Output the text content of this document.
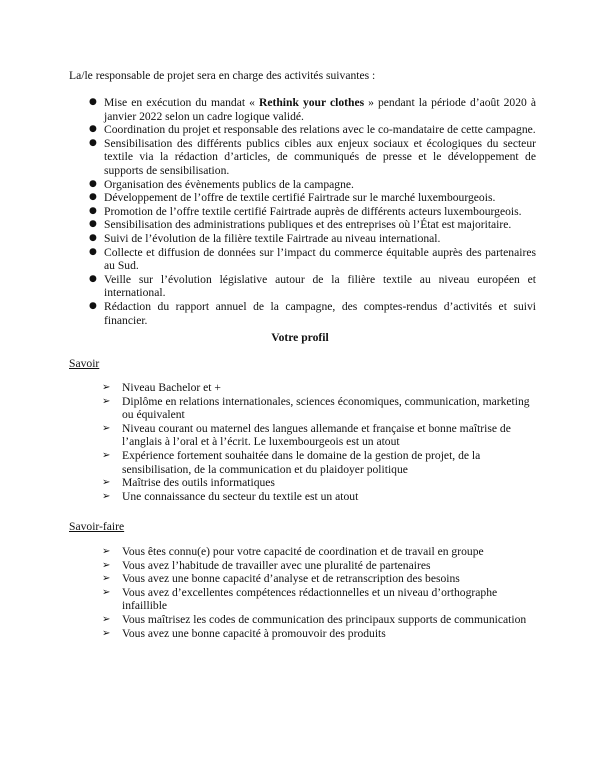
La/le responsable de projet sera en charge des activités suivantes :

● Mise en exécution du mandat « Rethink your clothes » pendant la période d’août 2020 à janvier 2022 selon un cadre logique validé.
● Coordination du projet et responsable des relations avec le co-mandataire de cette campagne.
● Sensibilisation des différents publics cibles aux enjeux sociaux et écologiques du secteur textile via la rédaction d’articles, de communiqués de presse et le développement de supports de sensibilisation.
● Organisation des évènements publics de la campagne.
● Développement de l’offre de textile certifié Fairtrade sur le marché luxembourgeois.
● Promotion de l’offre textile certifié Fairtrade auprès de différents acteurs luxembourgeois.
● Sensibilisation des administrations publiques et des entreprises où l’État est majoritaire.
● Suivi de l’évolution de la filière textile Fairtrade au niveau international.
● Collecte et diffusion de données sur l’impact du commerce équitable auprès des partenaires au Sud.
● Veille sur l’évolution législative autour de la filière textile au niveau européen et international.
● Rédaction du rapport annuel de la campagne, des comptes-rendus d’activités et suivi financier.

Votre profil

Savoir

➢ Niveau Bachelor et +
➢ Diplôme en relations internationales, sciences économiques, communication, marketing ou équivalent
➢ Niveau courant ou maternel des langues allemande et française et bonne maîtrise de l’anglais à l’oral et à l’écrit. Le luxembourgeois est un atout
➢ Expérience fortement souhaitée dans le domaine de la gestion de projet, de la sensibilisation, de la communication et du plaidoyer politique
➢ Maîtrise des outils informatiques
➢ Une connaissance du secteur du textile est un atout

Savoir-faire

➢ Vous êtes connu(e) pour votre capacité de coordination et de travail en groupe
➢ Vous avez l’habitude de travailler avec une pluralité de partenaires
➢ Vous avez une bonne capacité d’analyse et de retranscription des besoins
➢ Vous avez d’excellentes compétences rédactionnelles et un niveau d’orthographe infaillible
➢ Vous maîtrisez les codes de communication des principaux supports de communication
➢ Vous avez une bonne capacité à promouvoir des produits
